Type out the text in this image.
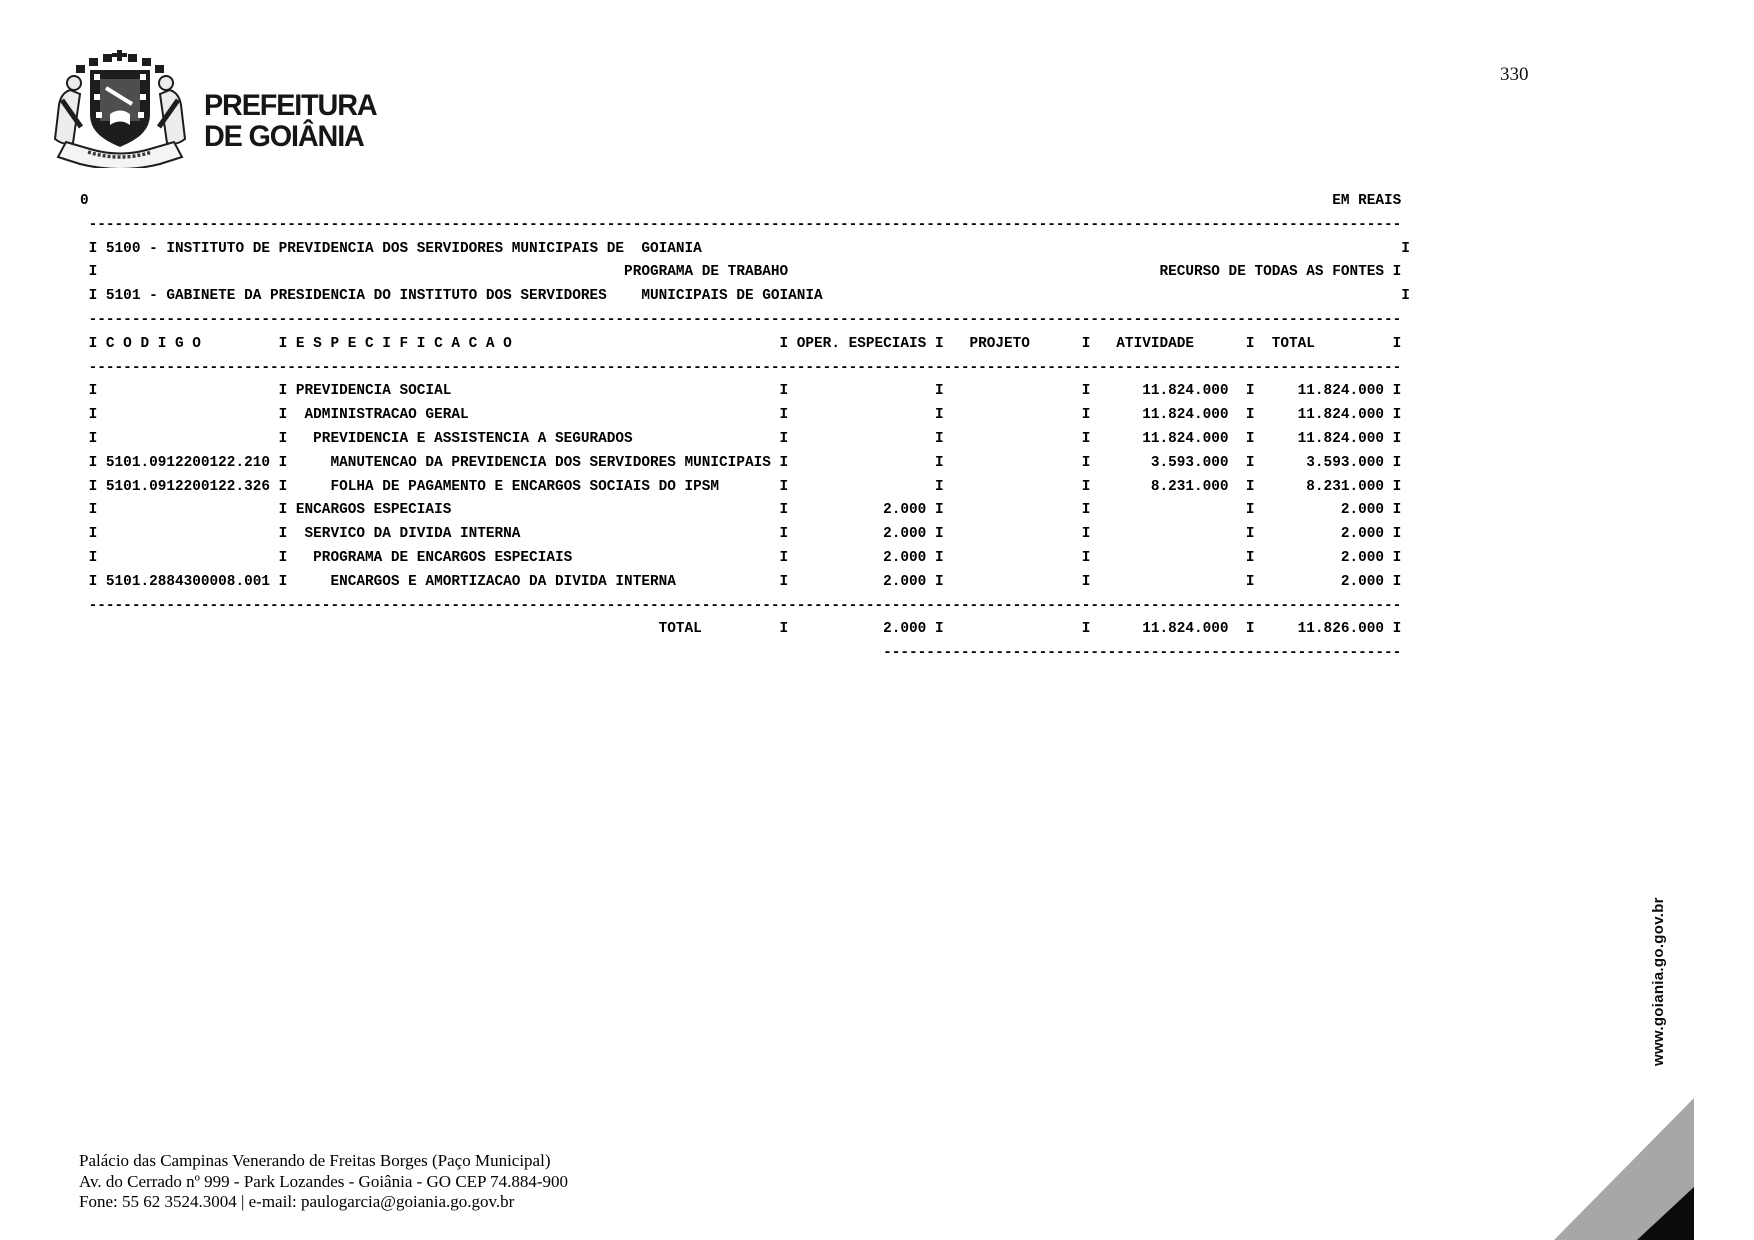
PREFEITURA
DE GOIÂNIA
330
0                                                                                                                                                EM REAIS
--------------------------------------------------------------------------------------------------------------------------------------------------------
I 5100 - INSTITUTO DE PREVIDENCIA DOS SERVIDORES MUNICIPAIS DE  GOIANIA                                                                                 I
I                                                             PROGRAMA DE TRABAHO                                           RECURSO DE TODAS AS FONTES I
I 5101 - GABINETE DA PRESIDENCIA DO INSTITUTO DOS SERVIDORES    MUNICIPAIS DE GOIANIA                                                                   I
--------------------------------------------------------------------------------------------------------------------------------------------------------
I C O D I G O         I E S P E C I F I C A C A O                               I OPER. ESPECIAIS I   PROJETO      I   ATIVIDADE      I  TOTAL         I
--------------------------------------------------------------------------------------------------------------------------------------------------------
I                     I PREVIDENCIA SOCIAL                                      I                 I                I      11.824.000  I     11.824.000 I
I                     I  ADMINISTRACAO GERAL                                    I                 I                I      11.824.000  I     11.824.000 I
I                     I   PREVIDENCIA E ASSISTENCIA A SEGURADOS                 I                 I                I      11.824.000  I     11.824.000 I
I 5101.0912200122.210 I     MANUTENCAO DA PREVIDENCIA DOS SERVIDORES MUNICIPAIS I                 I                I       3.593.000  I      3.593.000 I
I 5101.0912200122.326 I     FOLHA DE PAGAMENTO E ENCARGOS SOCIAIS DO IPSM       I                 I                I       8.231.000  I      8.231.000 I
I                     I ENCARGOS ESPECIAIS                                      I           2.000 I                I                  I          2.000 I
I                     I  SERVICO DA DIVIDA INTERNA                              I           2.000 I                I                  I          2.000 I
I                     I   PROGRAMA DE ENCARGOS ESPECIAIS                        I           2.000 I                I                  I          2.000 I
I 5101.2884300008.001 I     ENCARGOS E AMORTIZACAO DA DIVIDA INTERNA            I           2.000 I                I                  I          2.000 I
--------------------------------------------------------------------------------------------------------------------------------------------------------
TOTAL         I           2.000 I                I      11.824.000  I     11.826.000 I
------------------------------------------------------------
Palácio das Campinas Venerando de Freitas Borges (Paço Municipal)
Av. do Cerrado nº 999 - Park Lozandes - Goiânia - GO CEP 74.884-900
Fone: 55 62 3524.3004 | e-mail: paulogarcia@goiania.go.gov.br
www.goiania.go.gov.br
